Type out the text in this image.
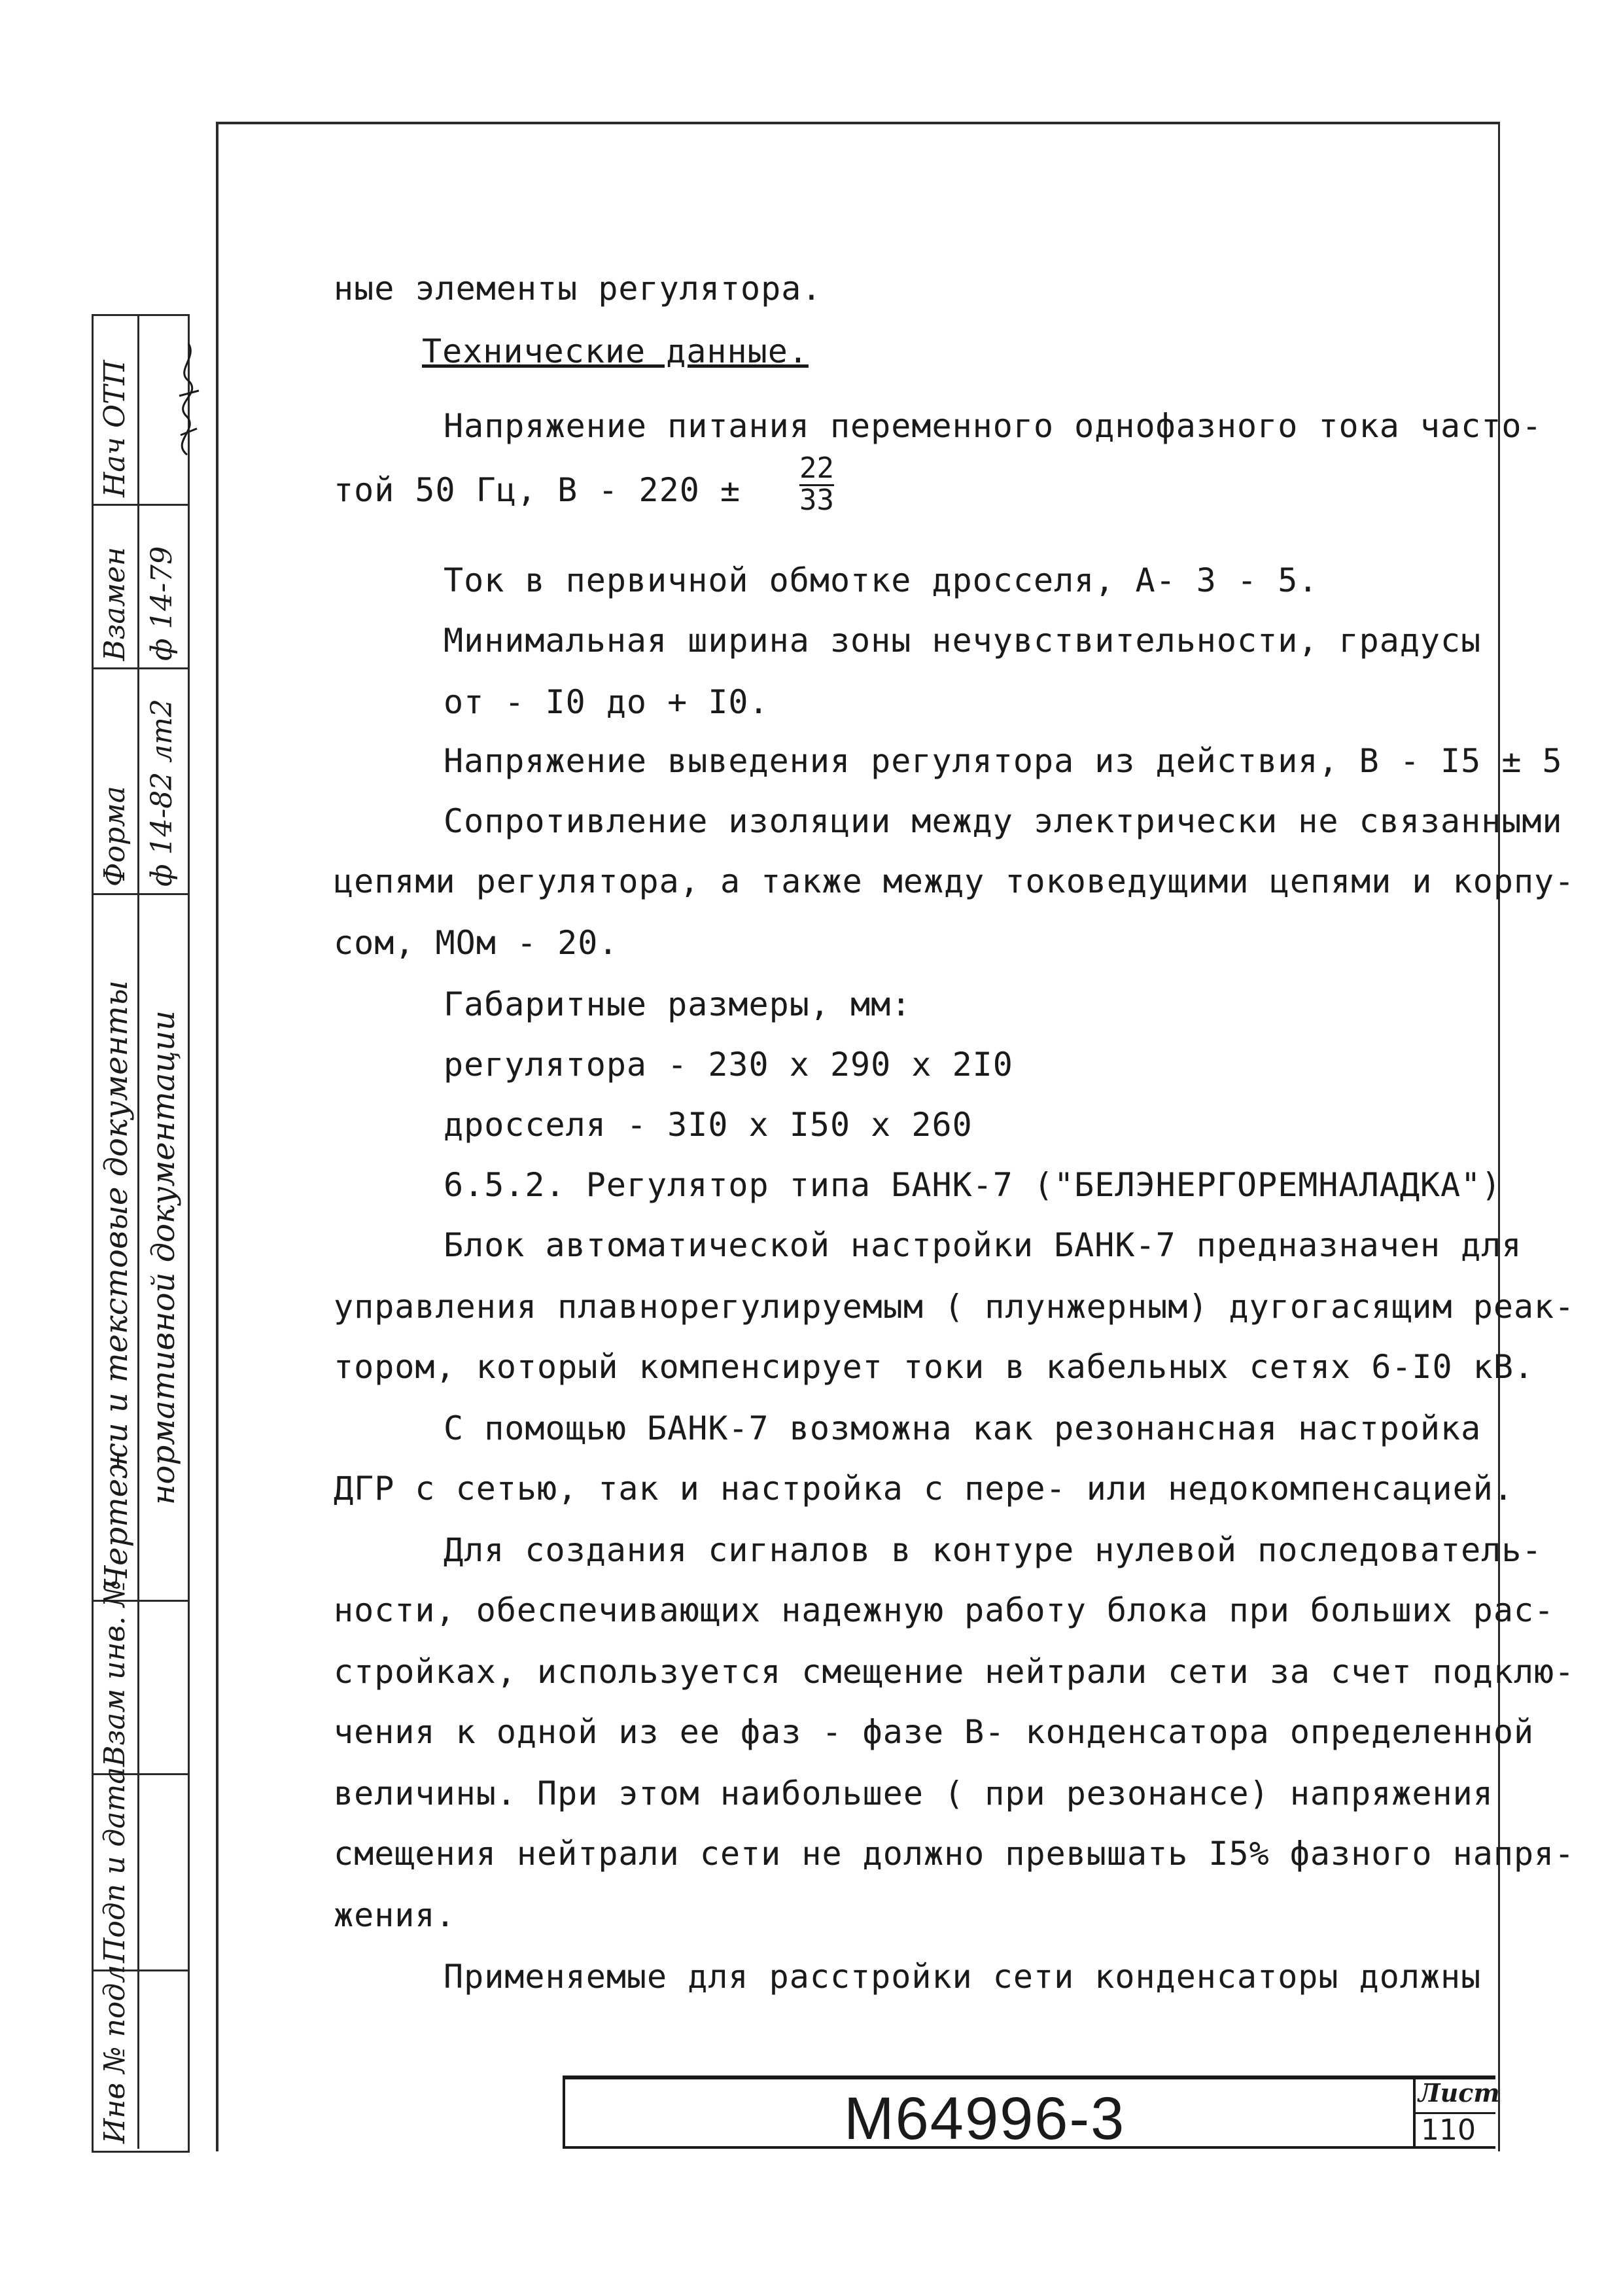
М64996-3	Лист
110
Нач ОТП
Взамен ф 14-79
Форма ф 14-82 лт2
Чертежи и текстовые документы нормативной документации
Взам инв. №
Подп и дата
Инв № подл
ные элементы регулятора.
Технические данные.
Напряжение питания переменного однофазного тока часто-
той 50 Гц, $В - 220 \pm \frac{22}{33}$
Ток в первичной обмотке дросселя, А- 3 - 5.
Минимальная ширина зоны нечувствительности, градусы
от - I0 до + I0.
Напряжение выведения регулятора из действия, В - I5 ± 5
Сопротивление изоляции между электрически не связанными
цепями регулятора, а также между токоведущими цепями и корпу-
сом, МОм - 20.
Габаритные размеры, мм:
регулятора - 230 х 290 х 2I0
дросселя - 3I0 х I50 х 260
6.5.2. Регулятор типа БАНК-7 ("БЕЛЭНЕРГОРЕМНАЛАДКА")
Блок автоматической настройки БАНК-7 предназначен для
управления плавнорегулируемым ( плунжерным) дугогасящим реак-
тором, который компенсирует токи в кабельных сетях 6-I0 кВ.
С помощью БАНК-7 возможна как резонансная настройка
ДГР с сетью, так и настройка с пере- или недокомпенсацией.
Для создания сигналов в контуре нулевой последователь-
ности, обеспечивающих надежную работу блока при больших рас-
стройках, используется смещение нейтрали сети за счет подклю-
чения к одной из ее фаз - фазе В- конденсатора определенной
величины. При этом наибольшее ( при резонансе) напряжения
смещения нейтрали сети не должно превышать I5% фазного напря-
жения.
Применяемые для расстройки сети конденсаторы должны
